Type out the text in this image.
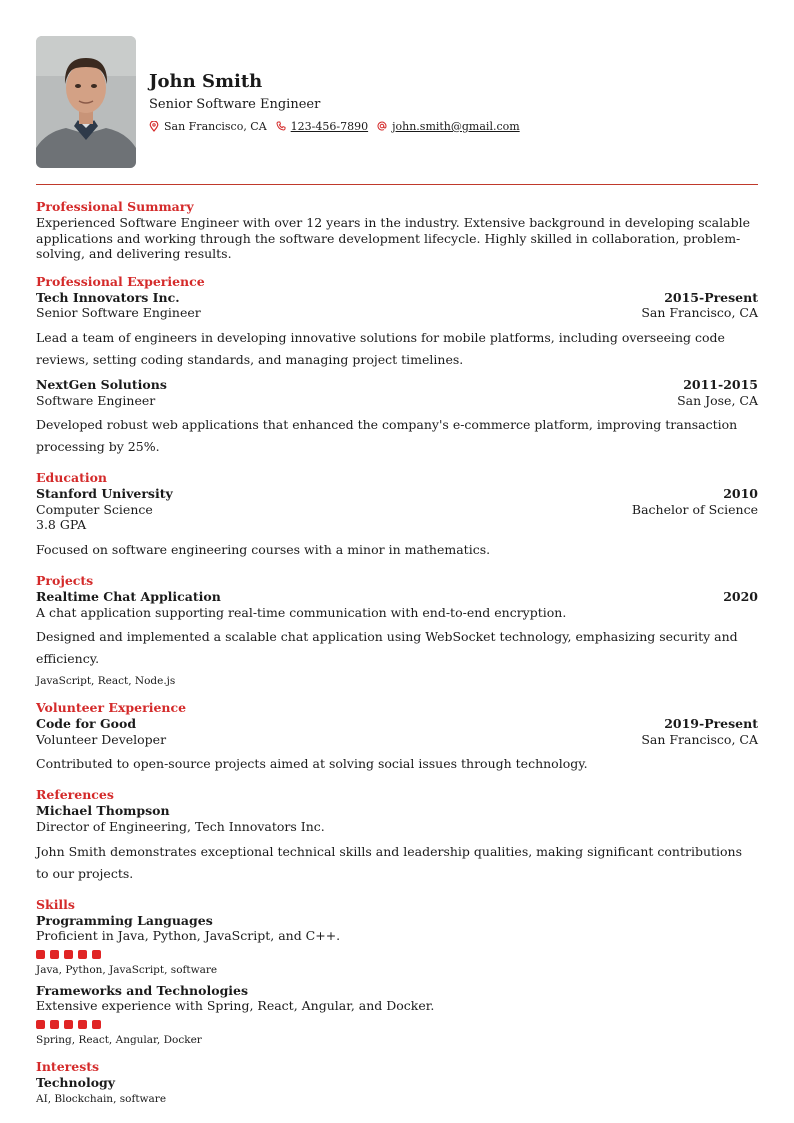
John Smith
Senior Software Engineer
San Francisco, CA 123-456-7890 john.smith@gmail.com
Professional Summary
Experienced Software Engineer with over 12 years in the industry. Extensive background in developing scalable applications and working through the software development lifecycle. Highly skilled in collaboration, problem-solving, and delivering results.
Professional Experience
Tech Innovators Inc.	2015-Present
Senior Software Engineer	San Francisco, CA
Lead a team of engineers in developing innovative solutions for mobile platforms, including overseeing code reviews, setting coding standards, and managing project timelines.
NextGen Solutions	2011-2015
Software Engineer	San Jose, CA
Developed robust web applications that enhanced the company's e-commerce platform, improving transaction processing by 25%.
Education
Stanford University	2010
Computer Science	Bachelor of Science
3.8 GPA
Focused on software engineering courses with a minor in mathematics.
Projects
Realtime Chat Application	2020
A chat application supporting real-time communication with end-to-end encryption.
Designed and implemented a scalable chat application using WebSocket technology, emphasizing security and efficiency.
JavaScript, React, Node.js
Volunteer Experience
Code for Good	2019-Present
Volunteer Developer	San Francisco, CA
Contributed to open-source projects aimed at solving social issues through technology.
References
Michael Thompson
Director of Engineering, Tech Innovators Inc.
John Smith demonstrates exceptional technical skills and leadership qualities, making significant contributions to our projects.
Skills
Programming Languages
Proficient in Java, Python, JavaScript, and C++.
Java, Python, JavaScript, software
Frameworks and Technologies
Extensive experience with Spring, React, Angular, and Docker.
Spring, React, Angular, Docker
Interests
Technology
AI, Blockchain, software
